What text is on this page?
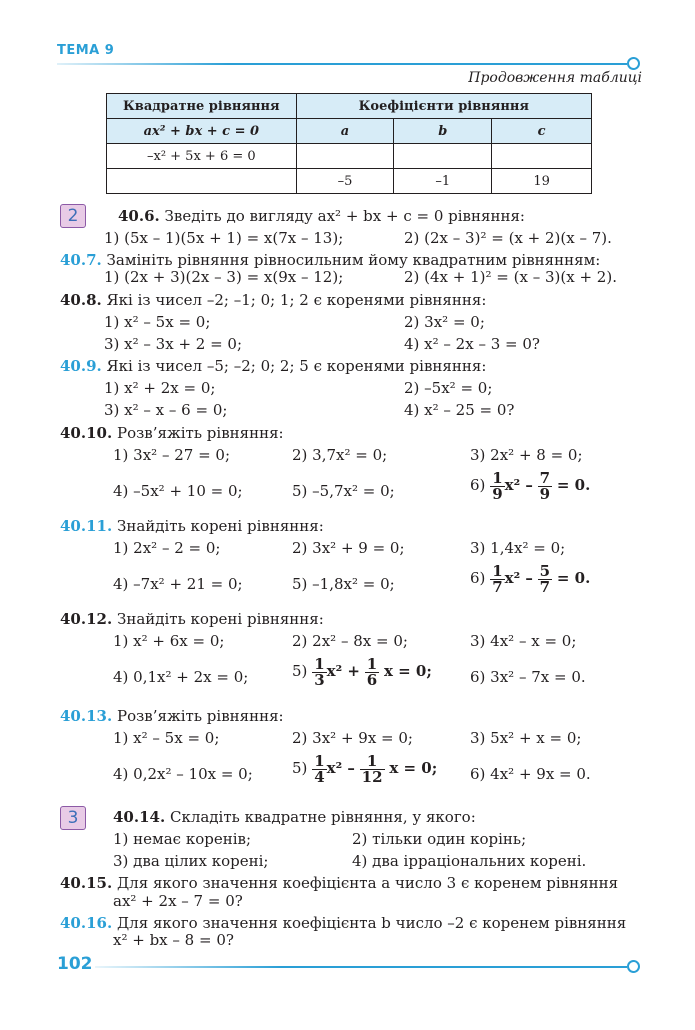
ТЕМА 9
Продовження таблиці
Квадратне рівняння	Коефіцієнти рівняння		
ax² + bx + c = 0	a	b	c
–x² + 5x + 6 = 0			
	–5	–1	19
2	40.6. Зведіть до вигляду ax² + bx + c = 0 рівняння:
1) (5x – 1)(5x + 1) = x(7x – 13);	2) (2x – 3)² = (x + 2)(x – 7).
40.7. Замініть рівняння рівносильним йому квадратним рівнянням:
1) (2x + 3)(2x – 3) = x(9x – 12);	2) (4x + 1)² = (x – 3)(x + 2).
40.8. Які із чисел –2; –1; 0; 1; 2 є коренями рівняння:
1) x² – 5x = 0;	2) 3x² = 0;
3) x² – 3x + 2 = 0;	4) x² – 2x – 3 = 0?
40.9. Які із чисел –5; –2; 0; 2; 5 є коренями рівняння:
1) x² + 2x = 0;	2) –5x² = 0;
3) x² – x – 6 = 0;	4) x² – 25 = 0?
40.10. Розв’яжіть рівняння:
1) 3x² – 27 = 0;	2) 3,7x² = 0;	3) 2x² + 8 = 0;
4) –5x² + 10 = 0;	5) –5,7x² = 0;	$6) \frac{1}{9} x^2 - \frac{7}{9} = 0$.
40.11. Знайдіть корені рівняння:
1) 2x² – 2 = 0;	2) 3x² + 9 = 0;	3) 1,4x² = 0;
4) –7x² + 21 = 0;	5) –1,8x² = 0;	$6) \frac{1}{7} x^2 - \frac{5}{7} = 0$.
40.12. Знайдіть корені рівняння:
1) x² + 6x = 0;	2) 2x² – 8x = 0;	3) 4x² – x = 0;
4) 0,1x² + 2x = 0;	$5) \frac{1}{3} x^2 + \frac{1}{6}$ x = 0;	6) 3x² – 7x = 0.
40.13. Розв’яжіть рівняння:
1) x² – 5x = 0;	2) 3x² + 9x = 0;	3) 5x² + x = 0;
4) 0,2x² – 10x = 0;	$5) \frac{1}{4} x^2 - \frac{1}{12}$ x = 0; 6) 4x² + 9x = 0.
3	40.14. Складіть квадратне рівняння, у якого:
1) немає коренів;	2) тільки один корінь;
3) два цілих корені;	4) два ірраціональних корені.
40.15. Для якого значення коефіцієнта a число 3 є коренем рівняння
ax² + 2x – 7 = 0?
40.16. Для якого значення коефіцієнта b число –2 є коренем рівняння
x² + bx – 8 = 0?
102
